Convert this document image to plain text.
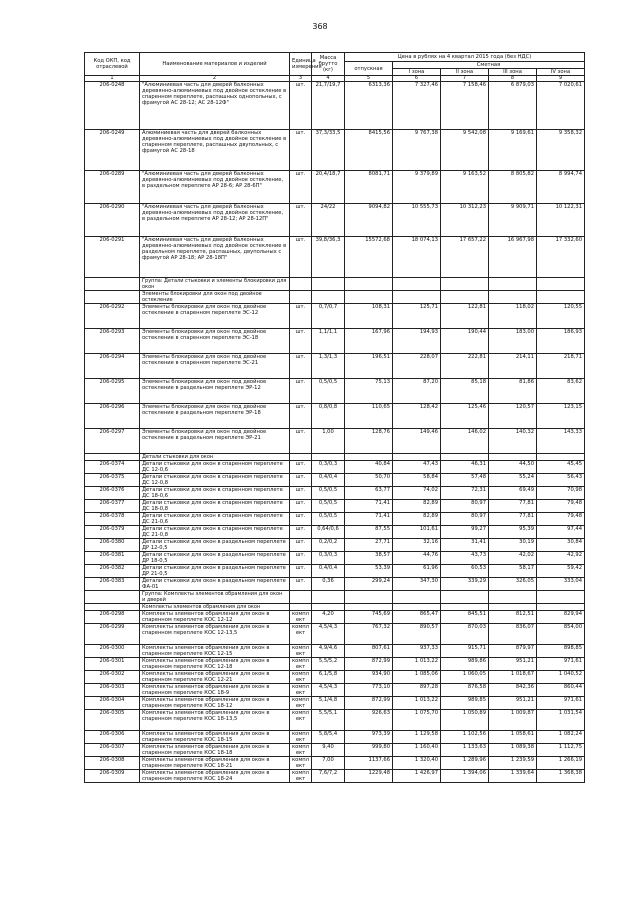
368
Код ОКП, код отраслевой	Наименование материалов и изделий	Единица измерения	Масса брутто (кг)	Цена в рублях на 4 квартал 2015 года (без НДС)				
				отпускная	Сметная			
					I зона	II зона	III зона	IV зона
1	2	3	4	5	6	7	8	9
206-0248	"Алюминиевая часть для дверей балконных деревянно-алюминиевых под двойное остекление в спаренном переплете, распашных однопольных, с фрамугой АС 28-12; АС 28-12Ф"	шт.	21,7/19,7	6313,36	7 327,46	7 158,46	6 879,03	7 020,61
206-0249	Алюминиевая часть для дверей балконных деревянно-алюминиевых под двойное остекление в спаренном переплете, распашных двупольных, с фрамугой АС 28-18	шт.	37,3/33,5	8415,56	9 767,38	9 542,08	9 169,61	9 358,32
206-0289	"Алюминиевая часть для дверей балконных деревянно-алюминиевых под двойное остекление, в раздельном переплете АР 28-6; АР 28-6П"	шт.	20,4/18,7	8081,71	9 379,89	9 163,52	8 805,82	8 994,74
206-0290	"Алюминиевая часть для дверей балконных деревянно-алюминиевых под двойное остекление, в раздельном переплете АР 28-12; АР 28-12П"	шт.	24/22	9094,82	10 555,73	10 312,23	9 909,71	10 122,31
206-0291	"Алюминиевая часть для дверей балконных деревянно-алюминиевых под двойное остекление в раздельном переплете, распашных, двупольных с фрамугой АР 28-18; АР 28-18П"	шт.	39,8/36,3	15572,68	18 074,13	17 657,22	16 967,98	17 332,60
	Группа: Детали стыковки и элементы блокировки для окон							
	Элементы блокировки для окон под двойное остекление							
206-0292	Элементы блокировки для окон под двойное остекление в спаренном переплете ЭС-12	шт.	0,7/0,7	108,31	125,71	122,81	118,02	120,55
206-0293	Элементы блокировки для окон под двойное остекление в спаренном переплете ЭС-18	шт.	1,1/1,1	167,96	194,93	190,44	183,00	186,93
206-0294	Элементы блокировки для окон под двойное остекление в спаренном переплете ЭС-21	шт.	1,3/1,3	196,51	228,07	222,81	214,11	218,71
206-0295	Элементы блокировки для окон под двойное остекление в раздельном переплете ЭР-12	шт.	0,5/0,5	75,13	87,20	85,18	81,86	83,62
206-0296	Элементы блокировки для окон под двойное остекление в раздельном переплете ЭР-18	шт.	0,8/0,8	110,65	128,42	125,46	120,57	123,15
206-0297	Элементы блокировки для окон под двойное остекление в раздельном переплете ЭР-21	шт.	1,00	128,76	149,46	146,02	140,32	143,33
	Детали стыковки для окон							
206-0374	Детали стыковки для окон в спаренном переплете ДС 12-0,6	шт.	0,3/0,3	40,84	47,43	46,31	44,50	45,45
206-0375	Детали стыковки для окон в спаренном переплете ДС 12-0,8	шт.	0,4/0,4	50,70	58,84	57,48	55,24	56,43
206-0376	Детали стыковки для окон в спаренном переплете ДС 18-0,6	шт.	0,5/0,5	63,77	74,02	72,31	69,49	70,98
206-0377	Детали стыковки для окон в спаренном переплете ДС 18-0,8	шт.	0,5/0,5	71,41	82,89	80,97	77,81	79,48
206-0378	Детали стыковки для окон в спаренном переплете ДС 21-0,6	шт.	0,5/0,5	71,41	82,89	80,97	77,81	79,48
206-0379	Детали стыковки для окон в спаренном переплете ДС 21-0,8	шт.	0,64/0,6	87,55	101,61	99,27	95,39	97,44
206-0380	Детали стыковки для окон в раздельном переплете ДР 12-0,5	шт.	0,2/0,2	27,71	32,16	31,41	30,19	30,84
206-0381	Детали стыковки для окон в раздельном переплете ДР 18-0,5	шт.	0,3/0,3	38,57	44,76	43,73	42,02	42,92
206-0382	Детали стыковки для окон в раздельном переплете ДР 21-0,5	шт.	0,4/0,4	53,39	61,96	60,53	58,17	59,42
206-0383	Детали стыковки для окон в раздельном переплете ФА-01	шт.	0,36	299,24	347,30	339,29	326,05	333,04
	Группа: Комплекты элементов обрамления для окон и дверей							
	Комплекты элементов обрамления для окон							
206-0298	Комплекты элементов обрамления для окон в спаренном переплете КОС 12-12	компл ект	4,20	745,69	865,47	845,51	812,51	829,94
206-0299	Комплекты элементов обрамления для окон в спаренном переплете КОС 12-13,5	компл ект	4,5/4,3	767,32	890,57	870,03	836,07	854,00
206-0300	Комплекты элементов обрамления для окон в спаренном переплете КОС 12-15	компл ект	4,9/4,6	807,61	937,33	915,71	879,97	898,85
206-0301	Комплекты элементов обрамления для окон в спаренном переплете КОС 12-18	компл ект	5,5/5,2	872,99	1 013,22	989,86	951,21	971,61
206-0302	Комплекты элементов обрамления для окон в спаренном переплете КОС 12-21	компл ект	6,1/5,8	934,90	1 085,06	1 060,05	1 018,67	1 040,52
206-0303	Комплекты элементов обрамления для окон в спаренном переплете КОС 18-9	компл ект	4,5/4,3	773,10	897,28	876,58	842,36	860,44
206-0304	Комплекты элементов обрамления для окон в спаренном переплете КОС 18-12	компл ект	5,1/4,8	872,99	1 013,22	989,85	951,21	971,61
206-0305	Комплекты элементов обрамления для окон в спаренном переплете КОС 18-13,5	компл ект	5,5/5,1	926,63	1 075,70	1 050,89	1 009,87	1 031,54
206-0306	Комплекты элементов обрамления для окон в спаренном переплете КОС 18-15	компл ект	5,8/5,4	973,39	1 129,58	1 102,56	1 058,61	1 082,24
206-0307	Комплекты элементов обрамления для окон в спаренном переплете КОС 18-18	компл ект	9,40	999,80	1 160,40	1 133,63	1 089,38	1 112,75
206-0308	Комплекты элементов обрамления для окон в спаренном переплете КОС 18-21	компл ект	7,00	1137,66	1 320,40	1 289,96	1 239,59	1 266,19
206-0309	Комплекты элементов обрамления для окон в спаренном переплете КОС 18-24	компл ект	7,6/7,2	1229,48	1 426,97	1 394,06	1 339,64	1 368,38
